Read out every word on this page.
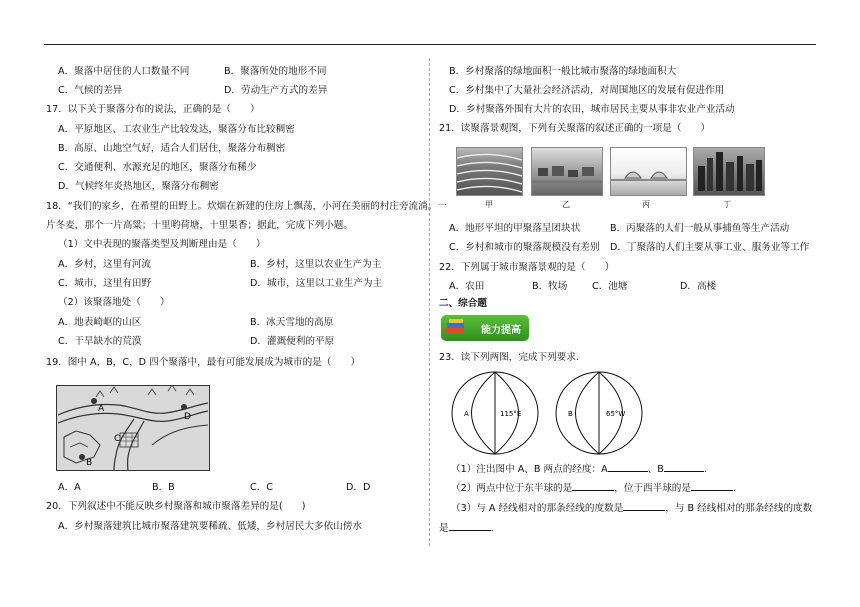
A．聚落中居住的人口数量不同	B．聚落所处的地形不同
C．气候的差异	D．劳动生产方式的差异
17．以下关于聚落分布的说法，正确的是（　　）
A．平原地区、工农业生产比较发达，聚落分布比较稠密
B．高原、山地空气好，适合人们居住，聚落分布稠密
C．交通便利、水源充足的地区，聚落分布稀少
D．气候终年炎热地区，聚落分布稠密
18．“我们的家乡，在希望的田野上。炊烟在新建的住房上飘荡，小河在美丽的村庄旁流淌。一
片冬麦，那个一片高粱；十里哟荷塘，十里果香；据此，完成下列小题。
（1）文中表现的聚落类型及判断理由是（　　）
A．乡村，这里有河流	B．乡村，这里以农业生产为主
C．城市，这里有田野	D．城市，这里以工业生产为主
（2）该聚落地处（　　）
A．地表崎岖的山区	B．冰天雪地的高原
C．干旱缺水的荒漠	D．灌溉便利的平原
19．图中 A，B，C，D 四个聚落中，最有可能发展成为城市的是（　　）
A
B
C
D
A．A	B．B	C．C	D．D
20．下列叙述中不能反映乡村聚落和城市聚落差异的是(　　)
A．乡村聚落建筑比城市聚落建筑要稀疏、低矮，乡村居民大多依山傍水
B．乡村聚落的绿地面积一般比城市聚落的绿地面积大
C．乡村集中了大量社会经济活动，对周围地区的发展有促进作用
D．乡村聚落外围有大片的农田，城市居民主要从事非农业产业活动
21．读聚落景观图，下列有关聚落的叙述正确的一项是（　　）
甲	乙	丙	丁
A．地形平坦的甲聚落呈团块状	B．丙聚落的人们一般从事捕鱼等生产活动
C．乡村和城市的聚落规模没有差别 D．丁聚落的人们主要从事工业、服务业等工作
22．下列属于城市聚落景观的是（　　）
A．农田	B．牧场	C．池塘	D．高楼
二、综合题
能力提高
23．读下列两图，完成下列要求.
A	115°E	B	65°W
（1）注出图中 A、B 两点的经度：A	、B	.
（2）两点中位于东半球的是	，位于西半球的是	.
（3）与 A 经线相对的那条经线的度数是	，与 B 经线相对的那条经线的度数
是	.
